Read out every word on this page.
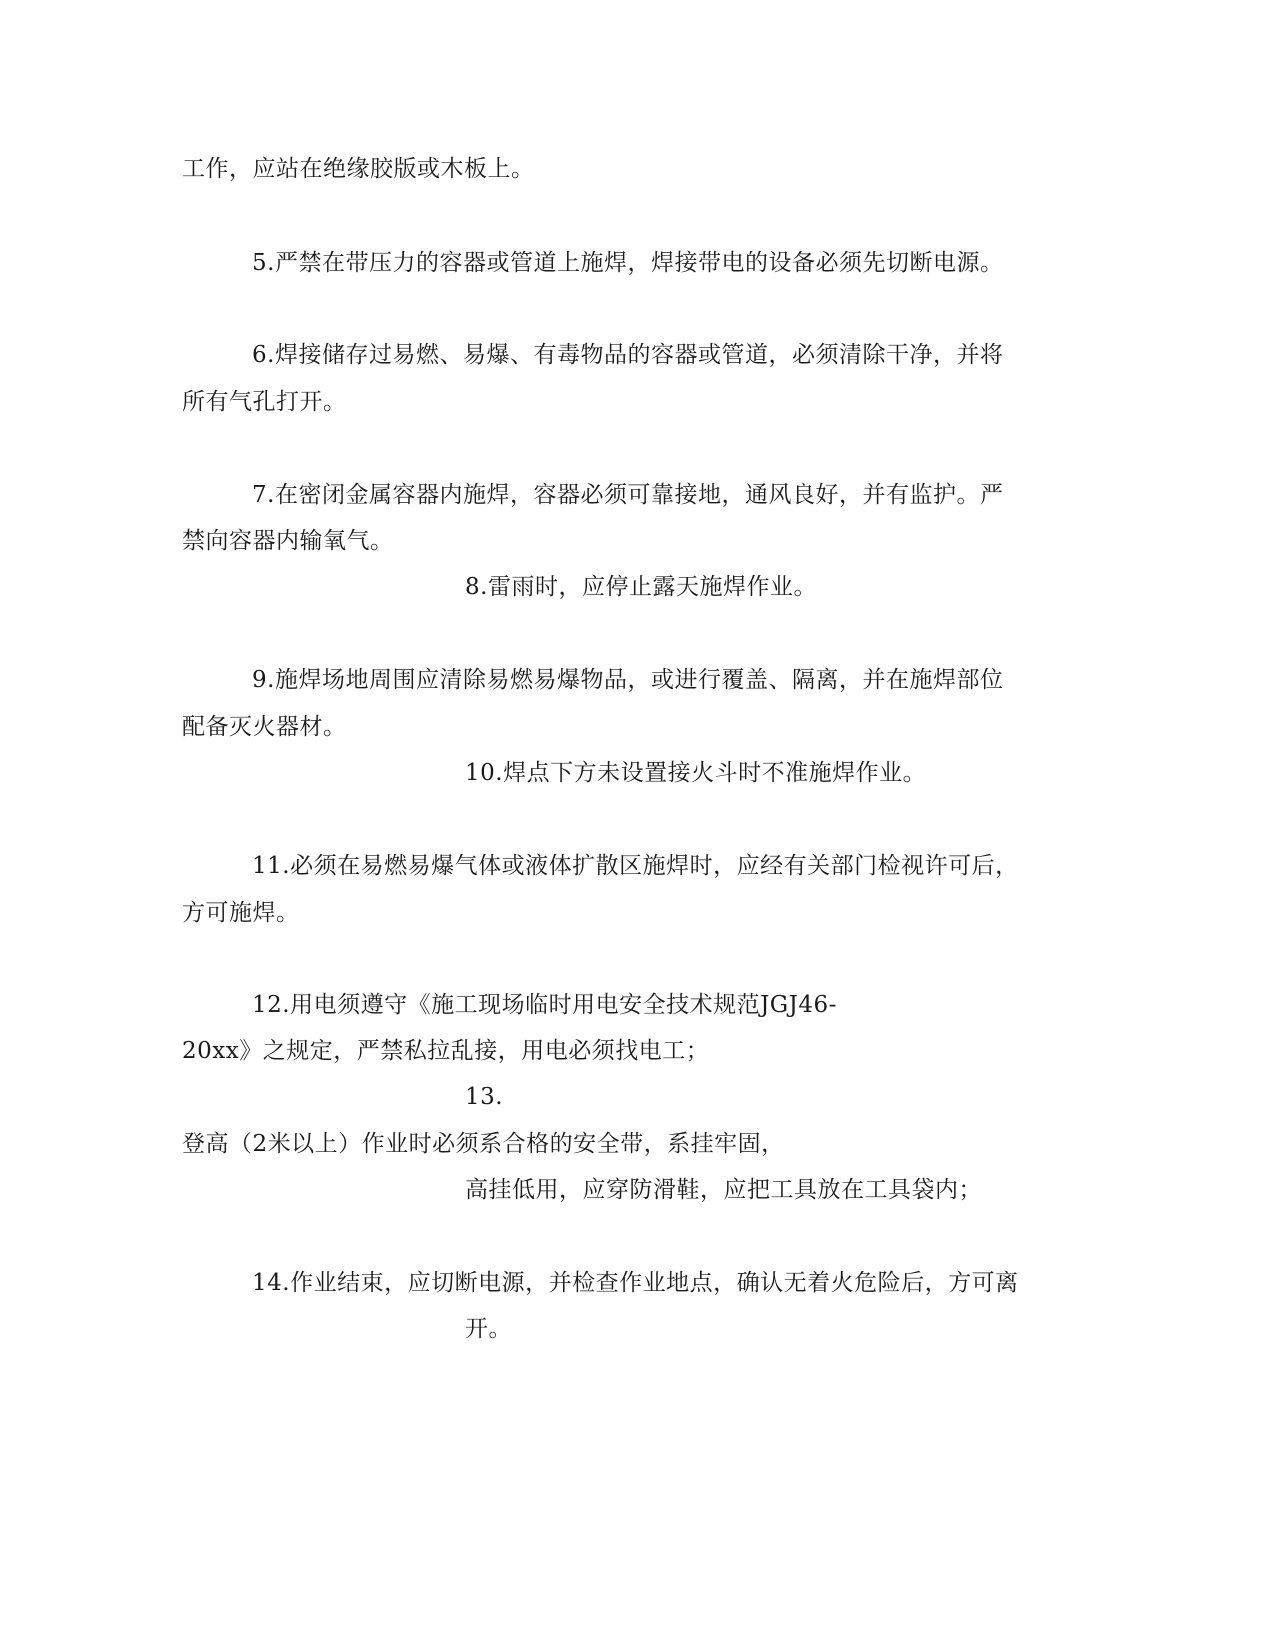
工作，应站在绝缘胶版或木板上。
5.严禁在带压力的容器或管道上施焊，焊接带电的设备必须先切断电源。
6.焊接储存过易燃、易爆、有毒物品的容器或管道，必须清除干净，并将
所有气孔打开。
7.在密闭金属容器内施焊，容器必须可靠接地，通风良好，并有监护。严
禁向容器内输氧气。
8.雷雨时，应停止露天施焊作业。
9.施焊场地周围应清除易燃易爆物品，或进行覆盖、隔离，并在施焊部位
配备灭火器材。
10.焊点下方未设置接火斗时不准施焊作业。
11.必须在易燃易爆气体或液体扩散区施焊时，应经有关部门检视许可后，
方可施焊。
12.用电须遵守《施工现场临时用电安全技术规范JGJ46-
20xx》之规定，严禁私拉乱接，用电必须找电工；
13.
登高（2米以上）作业时必须系合格的安全带，系挂牢固，
高挂低用，应穿防滑鞋，应把工具放在工具袋内；
14.作业结束，应切断电源，并检查作业地点，确认无着火危险后，方可离
开。
